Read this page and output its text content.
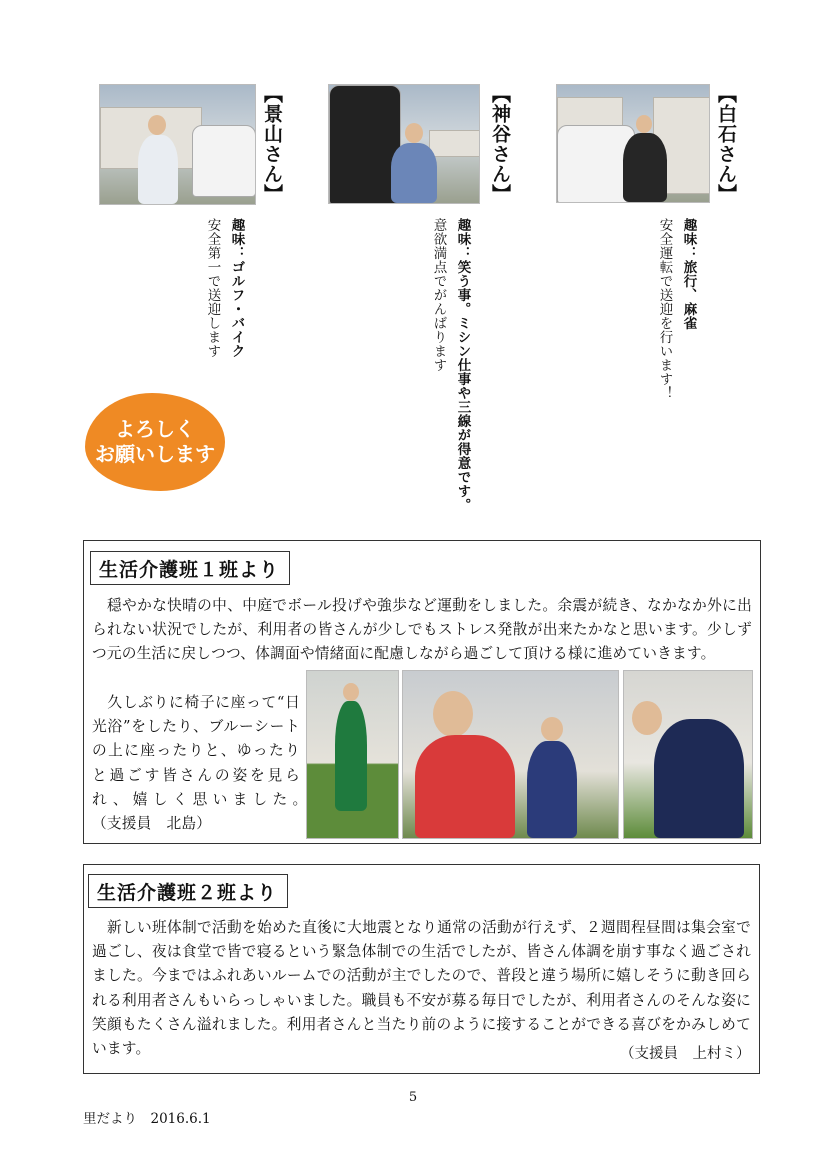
【景山さん】
趣味：ゴルフ・バイク
安全第一で送迎します
【神谷さん】
趣味：笑う事。ミシン仕事や三線が得意です。
意欲満点でがんばります
【白石さん】
趣味：旅行、麻雀
安全運転で送迎を行います！
よろしく
お願いします
生活介護班１班より
　穏やかな快晴の中、中庭でボール投げや強歩など運動をしました。余震が続き、なかなか外に出られない状況でしたが、利用者の皆さんが少しでもストレス発散が出来たかなと思います。少しずつ元の生活に戻しつつ、体調面や情緒面に配慮しながら過ごして頂ける様に進めていきます。
　久しぶりに椅子に座って“日光浴”をしたり、ブルーシートの上に座ったりと、ゆったりと過ごす皆さんの姿を見られ、嬉しく思いました。　　（支援員　北島）
生活介護班２班より
　新しい班体制で活動を始めた直後に大地震となり通常の活動が行えず、２週間程昼間は集会室で過ごし、夜は食堂で皆で寝るという緊急体制での生活でしたが、皆さん体調を崩す事なく過ごされました。今まではふれあいルームでの活動が主でしたので、普段と違う場所に嬉しそうに動き回られる利用者さんもいらっしゃいました。職員も不安が募る毎日でしたが、利用者さんのそんな姿に笑顔もたくさん溢れました。利用者さんと当たり前のように接することができる喜びをかみしめています。	（支援員　上村ミ）
5
里だより　2016.6.1
